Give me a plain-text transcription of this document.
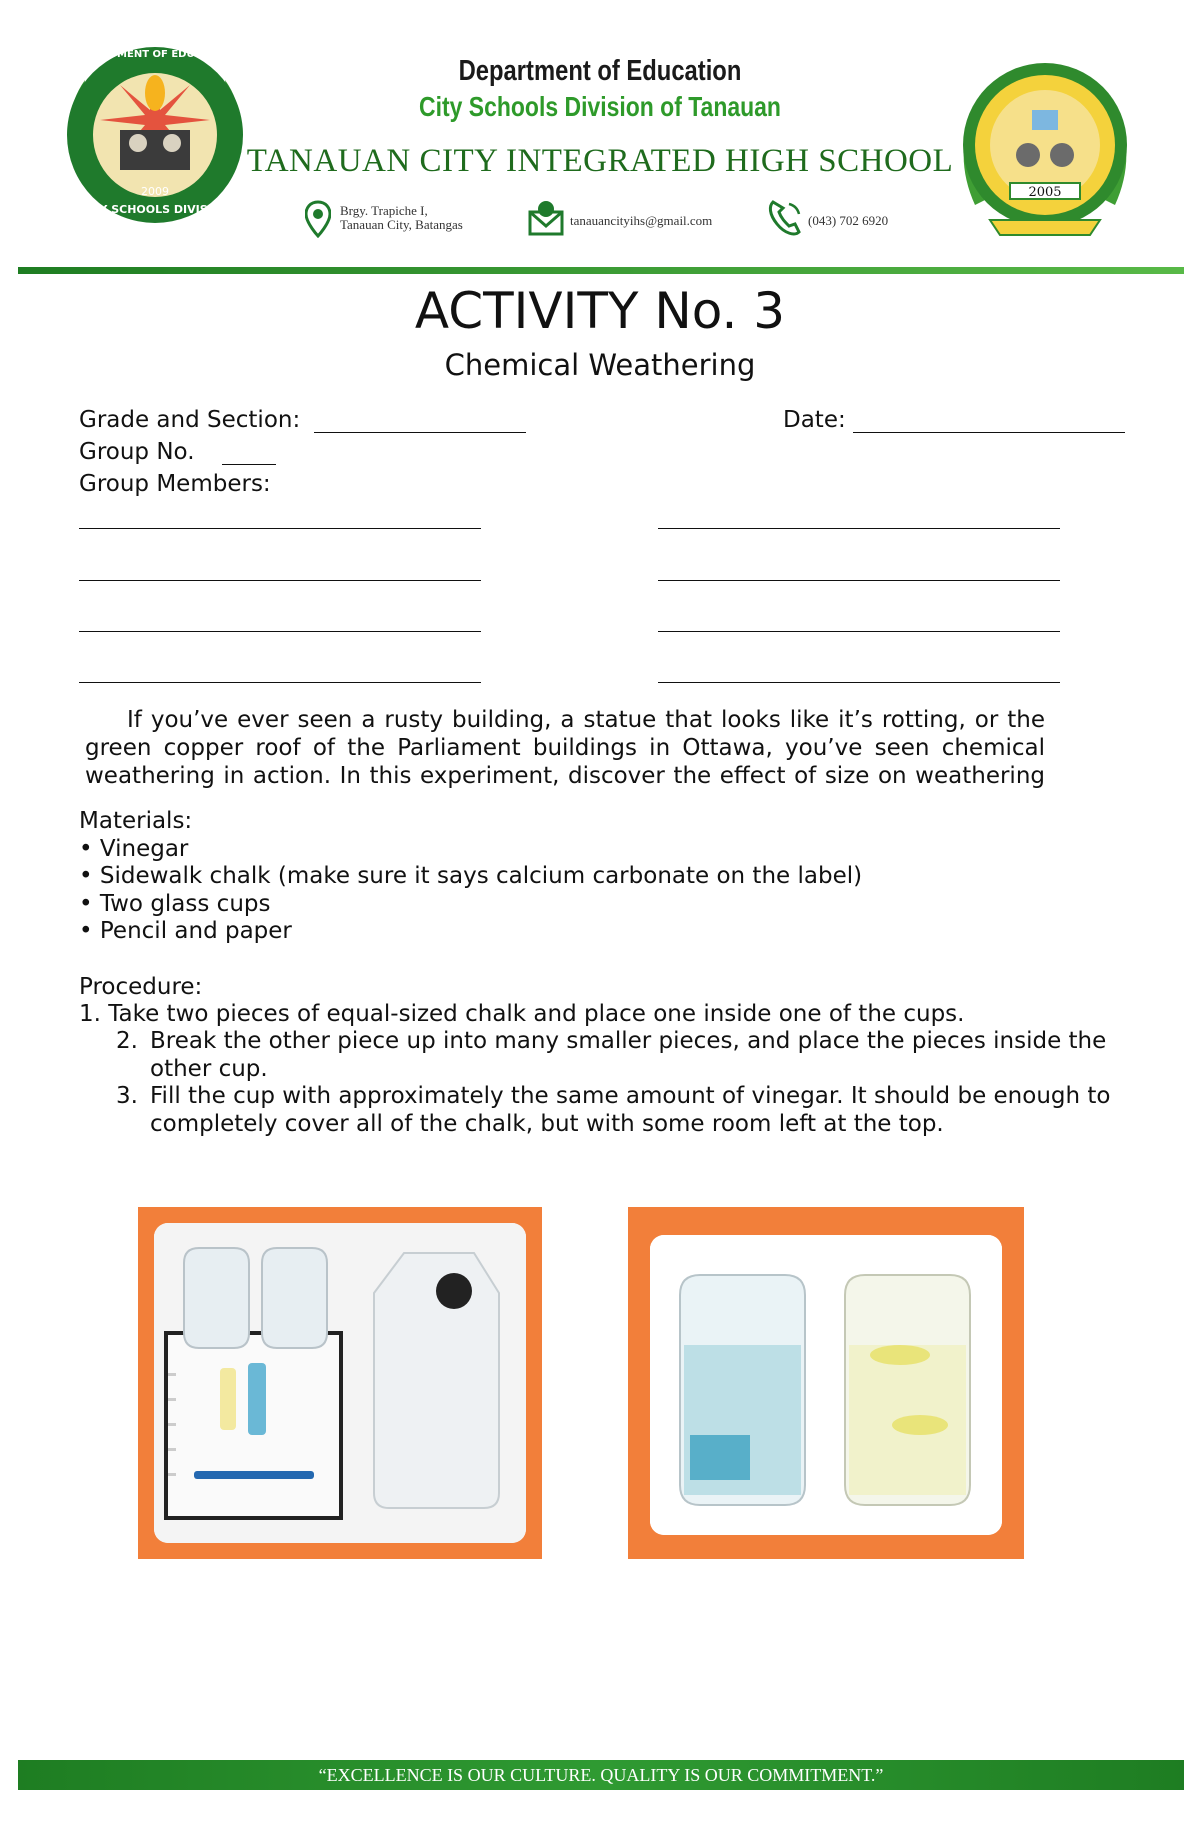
CITY SCHOOLS DIVISION
DEPARTMENT OF EDUCATION
2009
Department of Education
City Schools Division of Tanauan
TANAUAN CITY INTEGRATED HIGH SCHOOL
Brgy. Trapiche I,
Tanauan City, Batangas	tanauancityihs@gmail.com	(043) 702 6920
2005
ACTIVITY No. 3
Chemical Weathering
Grade and Section:	Date:
Group No.
Group Members:
If you’ve ever seen a rusty building, a statue that looks like it’s rotting, or the green copper roof of the Parliament buildings in Ottawa, you’ve seen chemical weathering in action. In this experiment, discover the effect of size on weathering
Materials:
• Vinegar
• Sidewalk chalk (make sure it says calcium carbonate on the label)
• Two glass cups
• Pencil and paper
Procedure:
1. Take two pieces of equal-sized chalk and place one inside one of the cups.
2. Break the other piece up into many smaller pieces, and place the pieces inside the other cup.
3. Fill the cup with approximately the same amount of vinegar. It should be enough to completely cover all of the chalk, but with some room left at the top.
“EXCELLENCE IS OUR CULTURE. QUALITY IS OUR COMMITMENT.”
